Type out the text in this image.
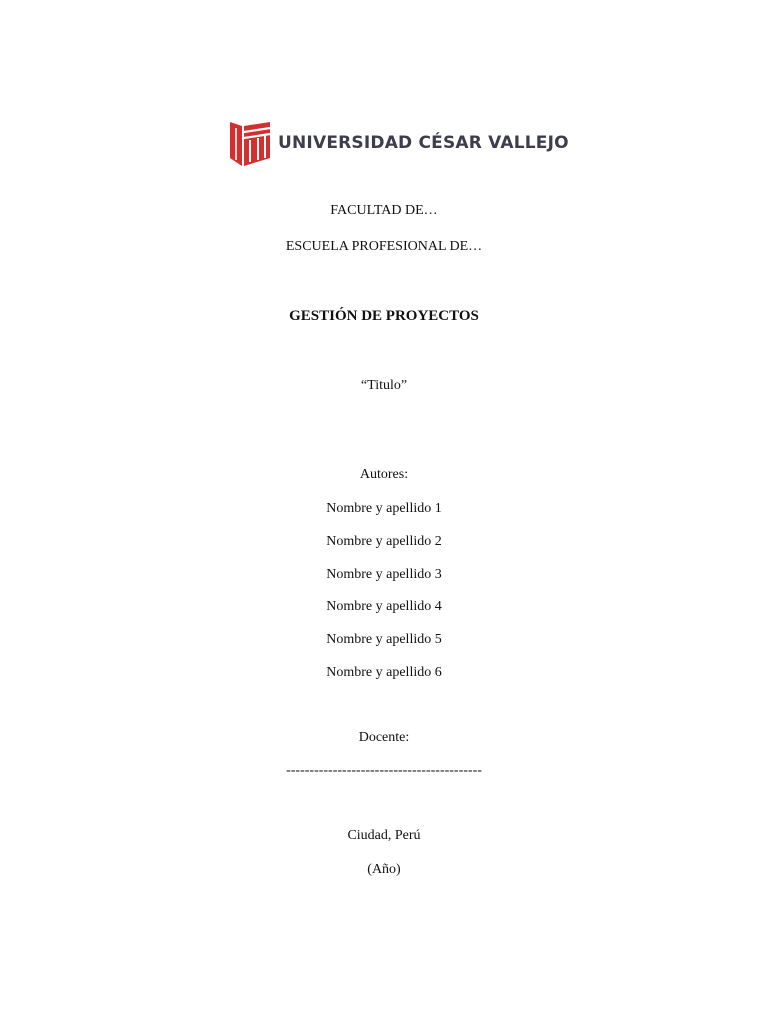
UNIVERSIDAD CÉSAR VALLEJO
FACULTAD DE…
ESCUELA PROFESIONAL DE…
GESTIÓN DE PROYECTOS
“Titulo”
Autores:
Nombre y apellido 1
Nombre y apellido 2
Nombre y apellido 3
Nombre y apellido 4
Nombre y apellido 5
Nombre y apellido 6
Docente:
------------------------------------------
Ciudad, Perú
(Año)
